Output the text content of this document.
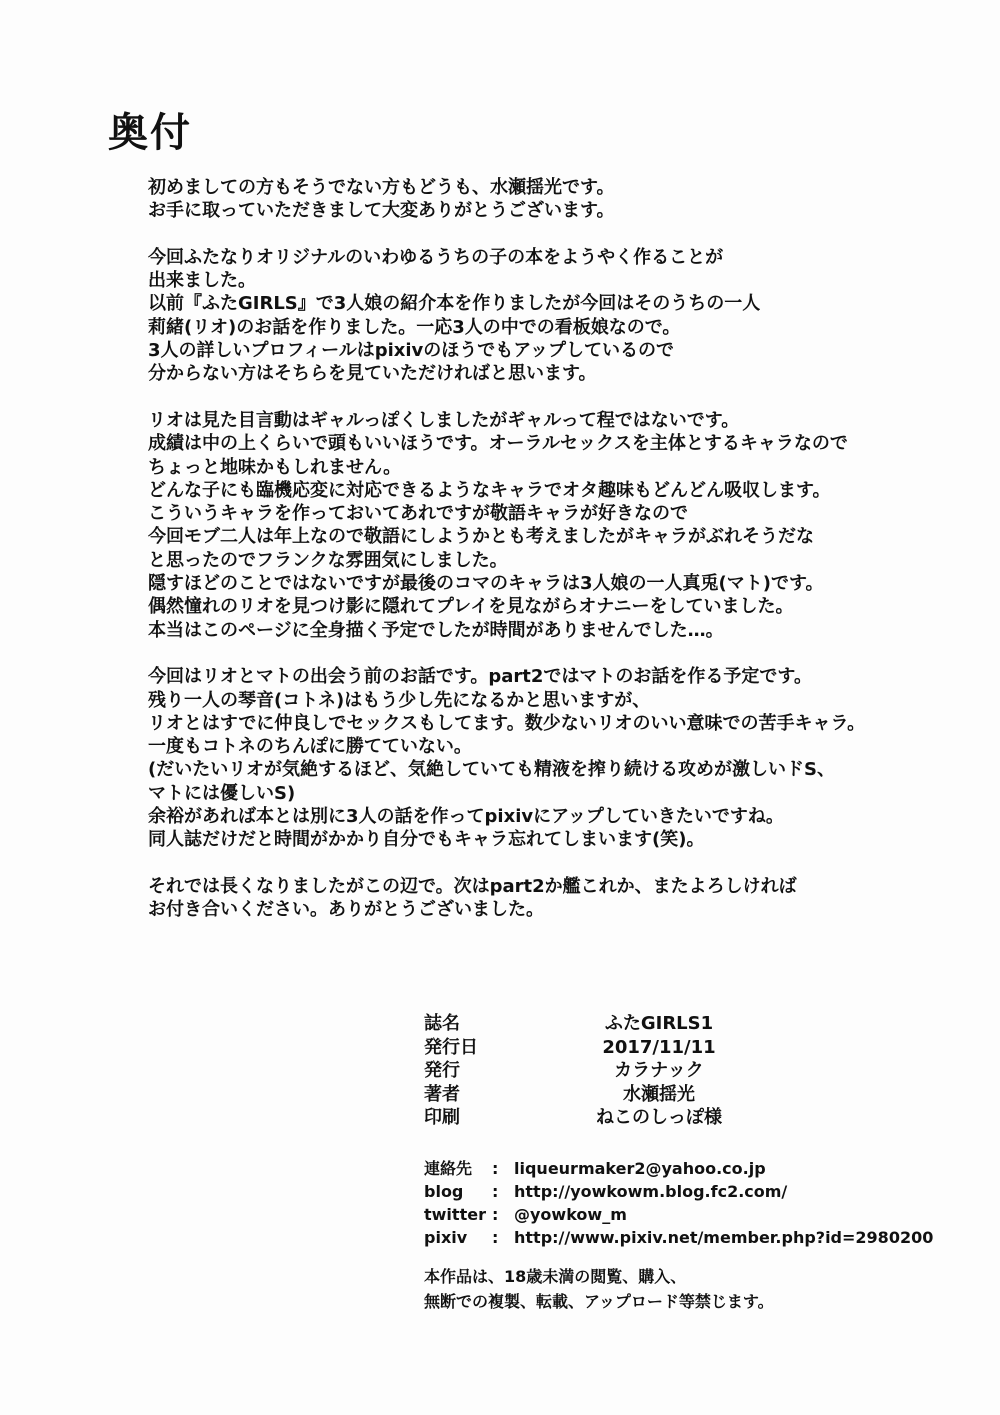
奥付
初めましての方もそうでない方もどうも、水瀬揺光です。
お手に取っていただきまして大変ありがとうございます。
今回ふたなりオリジナルのいわゆるうちの子の本をようやく作ることが
出来ました。
以前『ふたGIRLS』で3人娘の紹介本を作りましたが今回はそのうちの一人
莉緒(リオ)のお話を作りました。一応3人の中での看板娘なので。
3人の詳しいプロフィールはpixivのほうでもアップしているので
分からない方はそちらを見ていただければと思います。
リオは見た目言動はギャルっぽくしましたがギャルって程ではないです。
成績は中の上くらいで頭もいいほうです。オーラルセックスを主体とするキャラなので
ちょっと地味かもしれません。
どんな子にも臨機応変に対応できるようなキャラでオタ趣味もどんどん吸収します。
こういうキャラを作っておいてあれですが敬語キャラが好きなので
今回モブ二人は年上なので敬語にしようかとも考えましたがキャラがぶれそうだな
と思ったのでフランクな雰囲気にしました。
隠すほどのことではないですが最後のコマのキャラは3人娘の一人真兎(マト)です。
偶然憧れのリオを見つけ影に隠れてプレイを見ながらオナニーをしていました。
本当はこのページに全身描く予定でしたが時間がありませんでした…。
今回はリオとマトの出会う前のお話です。part2ではマトのお話を作る予定です。
残り一人の琴音(コトネ)はもう少し先になるかと思いますが、
リオとはすでに仲良しでセックスもしてます。数少ないリオのいい意味での苦手キャラ。
一度もコトネのちんぽに勝てていない。
(だいたいリオが気絶するほど、気絶していても精液を搾り続ける攻めが激しいドS、
マトには優しいS)
余裕があれば本とは別に3人の話を作ってpixivにアップしていきたいですね。
同人誌だけだと時間がかかり自分でもキャラ忘れてしまいます(笑)。
それでは長くなりましたがこの辺で。次はpart2か艦これか、またよろしければ
お付き合いください。ありがとうございました。
誌名	ふたGIRLS1
発行日	2017/11/11
発行	カラナック
著者	水瀬揺光
印刷	ねこのしっぽ様
連絡先	: liqueurmaker2@yahoo.co.jp
blog	: http://yowkowm.blog.fc2.com/
twitter : @yowkow_m
pixiv	: http://www.pixiv.net/member.php?id=2980200
本作品は、18歳未満の閲覧、購入、
無断での複製、転載、アップロード等禁じます。
